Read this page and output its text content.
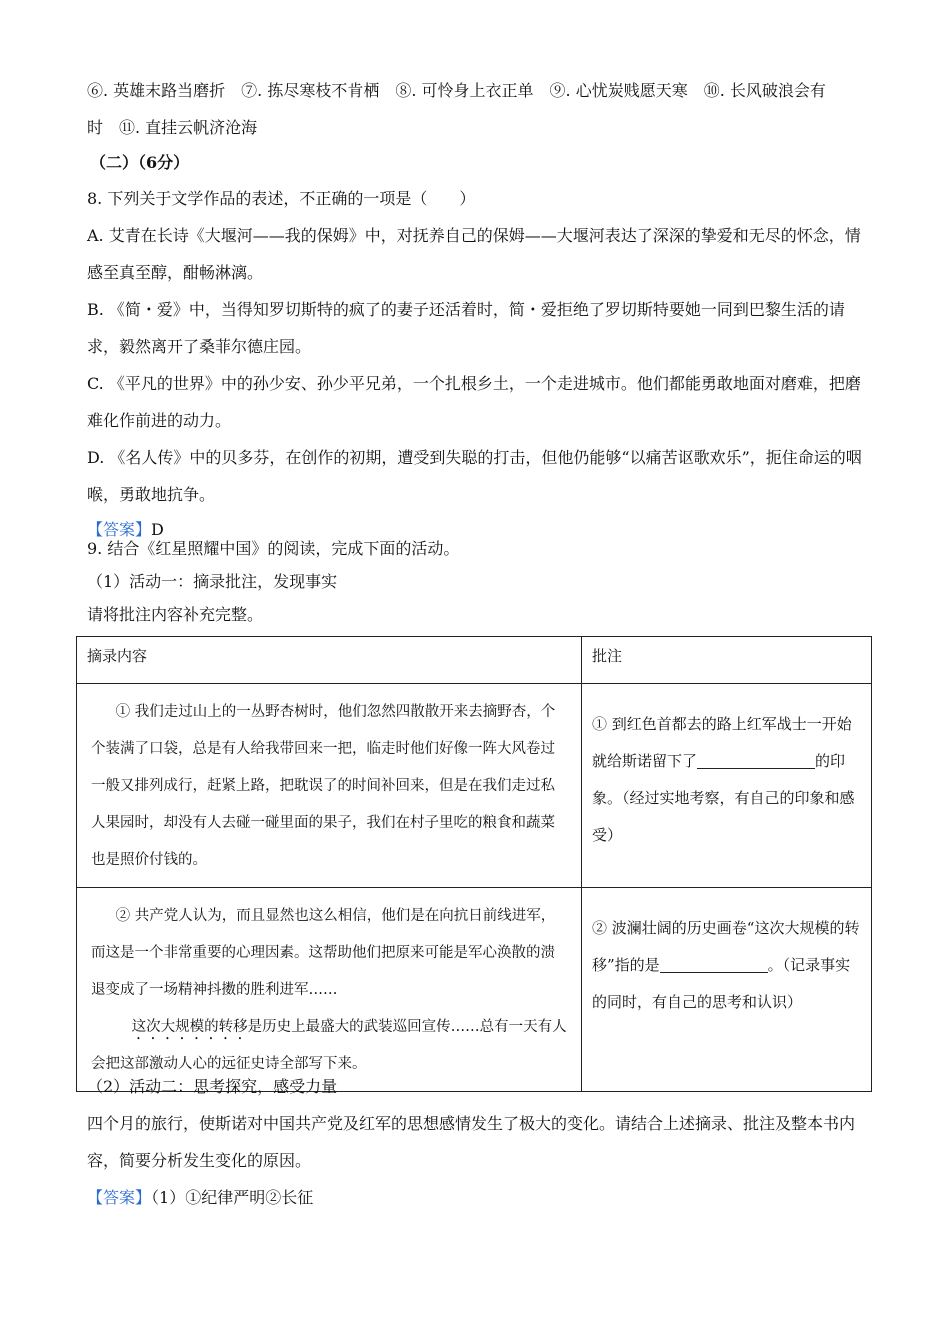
⑥. 英雄末路当磨折　⑦. 拣尽寒枝不肯栖　⑧. 可怜身上衣正单　⑨. 心忧炭贱愿天寒　⑩. 长风破浪会有

时　⑪. 直挂云帆济沧海

（二）（6分）

8. 下列关于文学作品的表述，不正确的一项是（　　）

A. 艾青在长诗《大堰河——我的保姆》中，对抚养自己的保姆——大堰河表达了深深的挚爱和无尽的怀念，情感至真至醇，酣畅淋漓。

B. 《简・爱》中，当得知罗切斯特的疯了的妻子还活着时，简・爱拒绝了罗切斯特要她一同到巴黎生活的请求，毅然离开了桑菲尔德庄园。

C. 《平凡的世界》中的孙少安、孙少平兄弟，一个扎根乡土，一个走进城市。他们都能勇敢地面对磨难，把磨难化作前进的动力。

D. 《名人传》中的贝多芬，在创作的初期，遭受到失聪的打击，但他仍能够“以痛苦讴歌欢乐”，扼住命运的咽喉，勇敢地抗争。

【答案】D

9. 结合《红星照耀中国》的阅读，完成下面的活动。

（1）活动一：摘录批注，发现事实

请将批注内容补充完整。

摘录内容	批注

① 我们走过山上的一丛野杏树时，他们忽然四散散开来去摘野杏，个个装满了口袋，总是有人给我带回来一把，临走时他们好像一阵大风卷过一般又排列成行，赶紧上路，把耽误了的时间补回来，但是在我们走过私人果园时，却没有人去碰一碰里面的果子，我们在村子里吃的粮食和蔬菜也是照价付钱的。	① 到红色首都去的路上红军战士一开始就给斯诺留下了 的印象。（经过实地考察，有自己的印象和感受）

② 共产党人认为，而且显然也这么相信，他们是在向抗日前线进军，而这是一个非常重要的心理因素。这帮助他们把原来可能是军心涣散的溃退变成了一场精神抖擞的胜利进军……

这次大规模的转移是历史上最盛大的武装巡回宣传……总有一天有人会把这部激动人心的远征史诗全部写下来。	② 波澜壮阔的历史画卷“这次大规模的转移”指的是 。（记录事实的同时，有自己的思考和认识）

（2）活动二：思考探究，感受力量

四个月的旅行，使斯诺对中国共产党及红军的思想感情发生了极大的变化。请结合上述摘录、批注及整本书内容，简要分析发生变化的原因。

【答案】（1）①纪律严明②长征
